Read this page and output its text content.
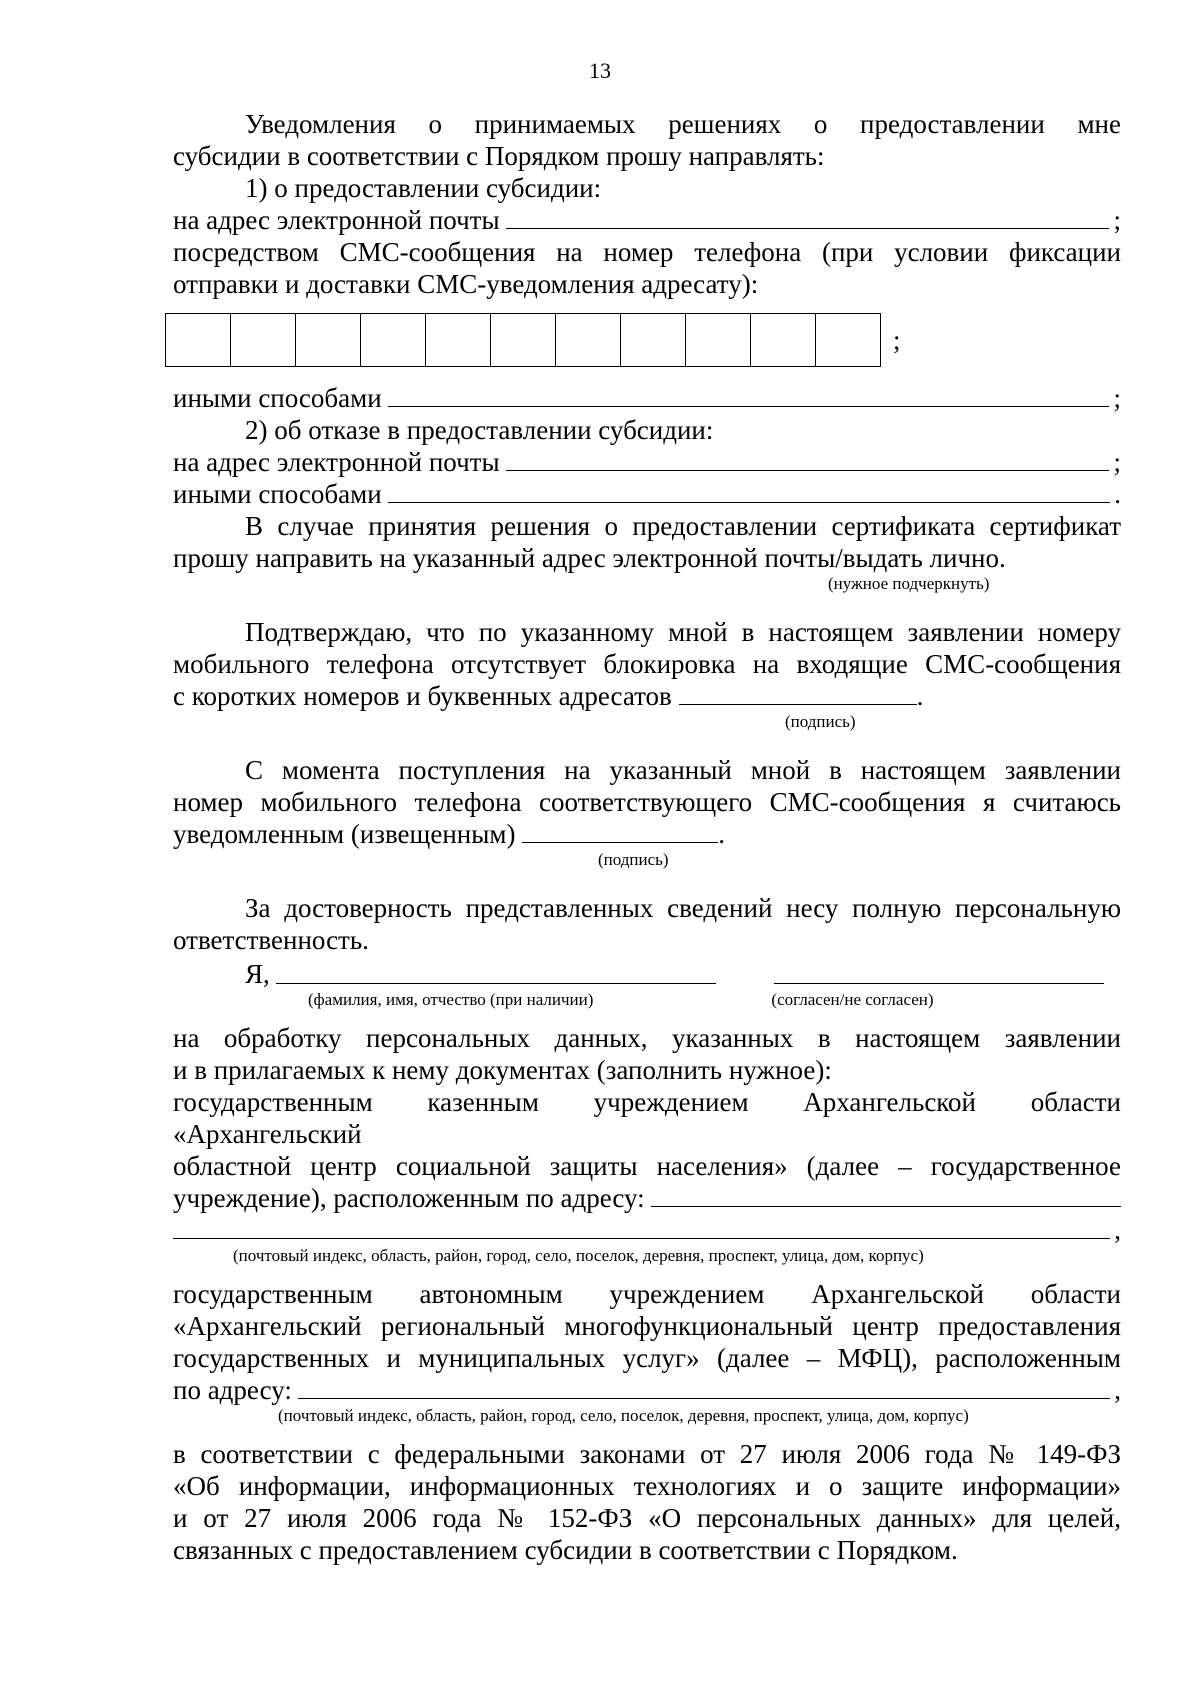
13
Уведомления о принимаемых решениях о предоставлении мне
субсидии в соответствии с Порядком прошу направлять:
1) о предоставлении субсидии:
на адрес электронной почты	;
посредством СМС-сообщения на номер телефона (при условии фиксации
отправки и доставки СМС-уведомления адресату):
;
иными способами	;
2) об отказе в предоставлении субсидии:
на адрес электронной почты	;
иными способами	.
В случае принятия решения о предоставлении сертификата сертификат
прошу направить на указанный адрес электронной почты/выдать лично.
(нужное подчеркнуть)
Подтверждаю, что по указанному мной в настоящем заявлении номеру
мобильного телефона отсутствует блокировка на входящие СМС-сообщения
с коротких номеров и буквенных адресатов	.
(подпись)
С момента поступления на указанный мной в настоящем заявлении
номер мобильного телефона соответствующего СМС-сообщения я считаюсь
уведомленным (извещенным)	.
(подпись)
За достоверность представленных сведений несу полную персональную
ответственность.
Я,
(фамилия, имя, отчество (при наличии)	(согласен/не согласен)
на обработку персональных данных, указанных в настоящем заявлении
и в прилагаемых к нему документах (заполнить нужное):
государственным казенным учреждением Архангельской области «Архангельский
областной центр социальной защиты населения» (далее – государственное
учреждение), расположенным по адресу:
,
(почтовый индекс, область, район, город, село, поселок, деревня, проспект, улица, дом, корпус)
государственным автономным учреждением Архангельской области
«Архангельский региональный многофункциональный центр предоставления
государственных и муниципальных услуг» (далее – МФЦ), расположенным
по адресу:	,
(почтовый индекс, область, район, город, село, поселок, деревня, проспект, улица, дом, корпус)
в соответствии с федеральными законами от 27 июля 2006 года № 149-ФЗ
«Об информации, информационных технологиях и о защите информации»
и от 27 июля 2006 года № 152-ФЗ «О персональных данных» для целей,
связанных с предоставлением субсидии в соответствии с Порядком.
